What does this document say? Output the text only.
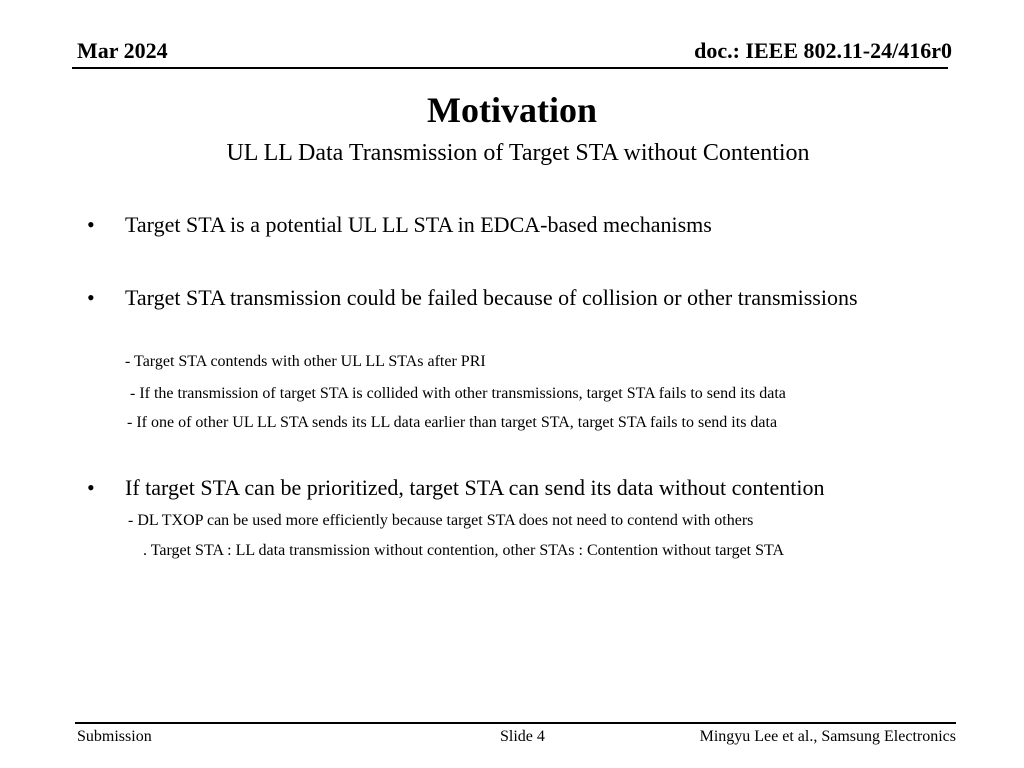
Mar 2024	doc.: IEEE 802.11-24/416r0
Motivation
UL LL Data Transmission of Target STA without Contention
• Target STA is a potential UL LL STA in EDCA-based mechanisms
• Target STA transmission could be failed because of collision or other transmissions
- Target STA contends with other UL LL STAs after PRI
- If the transmission of target STA is collided with other transmissions, target STA fails to send its data
- If one of other UL LL STA sends its LL data earlier than target STA, target STA fails to send its data
• If target STA can be prioritized, target STA can send its data without contention
- DL TXOP can be used more efficiently because target STA does not need to contend with others
. Target STA : LL data transmission without contention, other STAs : Contention without target STA
Submission	Slide 4	Mingyu Lee et al., Samsung Electronics
